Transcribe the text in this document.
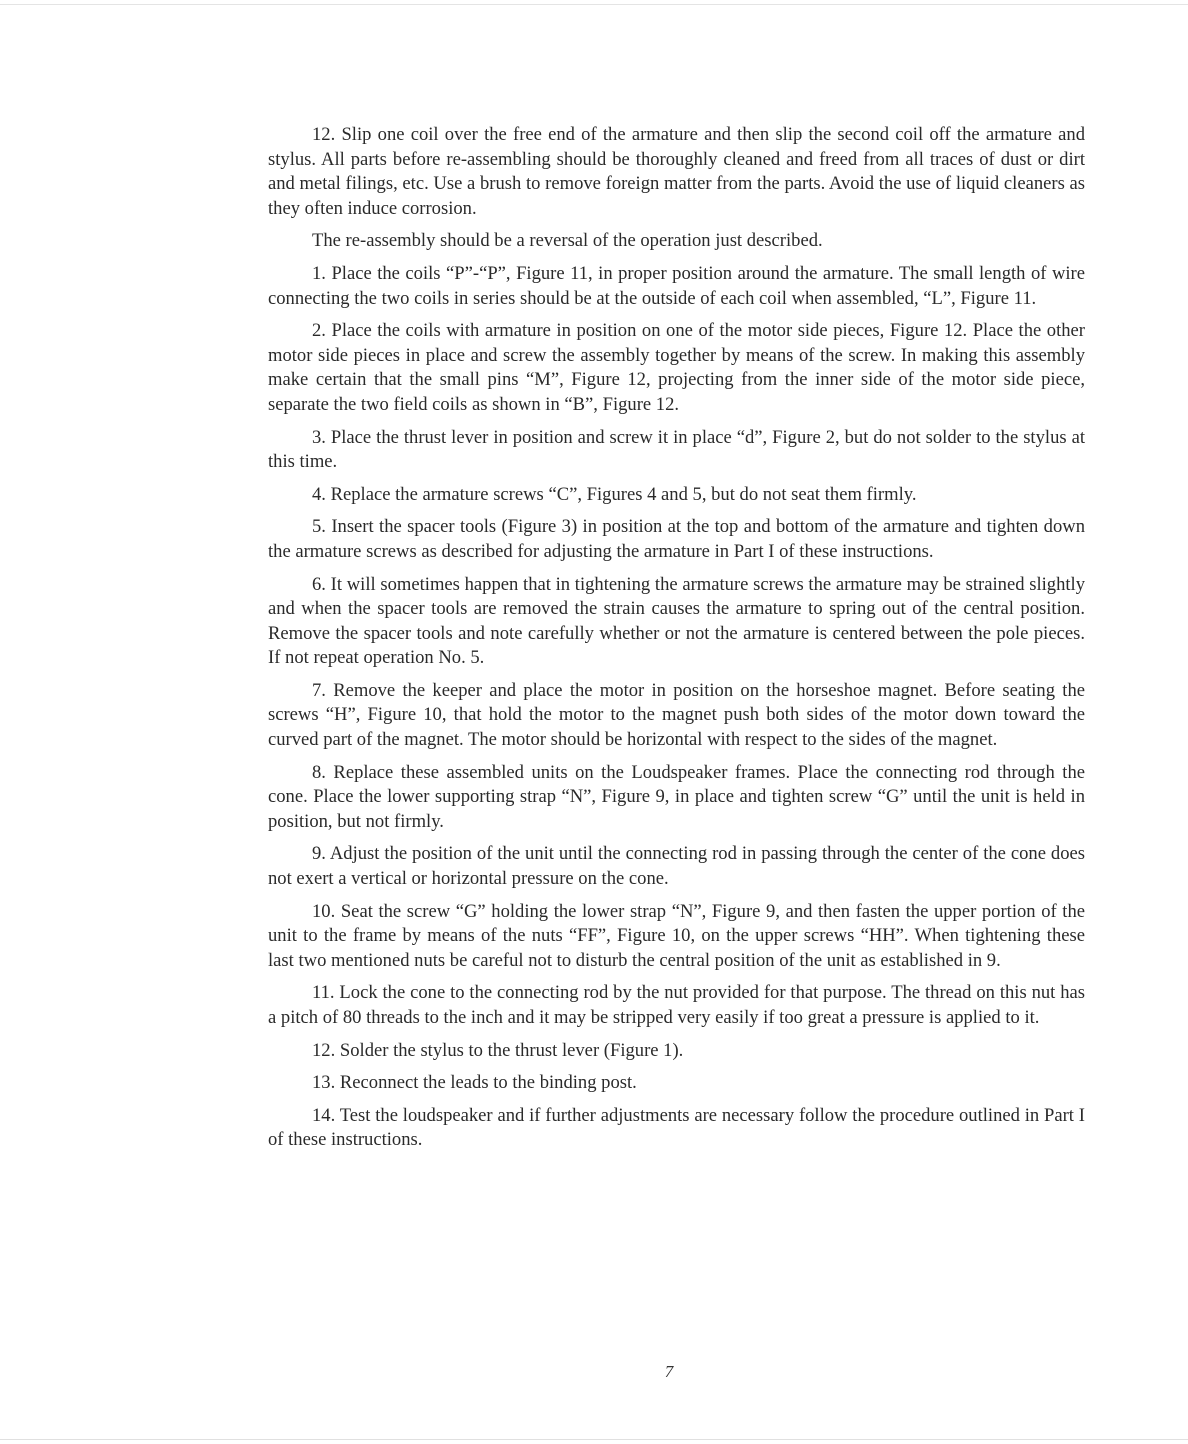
12. Slip one coil over the free end of the armature and then slip the second coil off the armature and stylus. All parts before re-assembling should be thoroughly cleaned and freed from all traces of dust or dirt and metal filings, etc. Use a brush to remove foreign matter from the parts. Avoid the use of liquid cleaners as they often induce corrosion.

The re-assembly should be a reversal of the operation just described.

1. Place the coils “P”-“P”, Figure 11, in proper position around the armature. The small length of wire connecting the two coils in series should be at the outside of each coil when assembled, “L”, Figure 11.

2. Place the coils with armature in position on one of the motor side pieces, Figure 12. Place the other motor side pieces in place and screw the assembly together by means of the screw. In making this assembly make certain that the small pins “M”, Figure 12, projecting from the inner side of the motor side piece, separate the two field coils as shown in “B”, Figure 12.

3. Place the thrust lever in position and screw it in place “d”, Figure 2, but do not solder to the stylus at this time.

4. Replace the armature screws “C”, Figures 4 and 5, but do not seat them firmly.

5. Insert the spacer tools (Figure 3) in position at the top and bottom of the armature and tighten down the armature screws as described for adjusting the armature in Part I of these instructions.

6. It will sometimes happen that in tightening the armature screws the armature may be strained slightly and when the spacer tools are removed the strain causes the armature to spring out of the central position. Remove the spacer tools and note carefully whether or not the armature is centered between the pole pieces. If not repeat operation No. 5.

7. Remove the keeper and place the motor in position on the horseshoe magnet. Before seating the screws “H”, Figure 10, that hold the motor to the magnet push both sides of the motor down toward the curved part of the magnet. The motor should be horizontal with respect to the sides of the magnet.

8. Replace these assembled units on the Loudspeaker frames. Place the connecting rod through the cone. Place the lower supporting strap “N”, Figure 9, in place and tighten screw “G” until the unit is held in position, but not firmly.

9. Adjust the position of the unit until the connecting rod in passing through the center of the cone does not exert a vertical or horizontal pressure on the cone.

10. Seat the screw “G” holding the lower strap “N”, Figure 9, and then fasten the upper portion of the unit to the frame by means of the nuts “FF”, Figure 10, on the upper screws “HH”. When tightening these last two mentioned nuts be careful not to disturb the central position of the unit as established in 9.

11. Lock the cone to the connecting rod by the nut provided for that purpose. The thread on this nut has a pitch of 80 threads to the inch and it may be stripped very easily if too great a pressure is applied to it.

12. Solder the stylus to the thrust lever (Figure 1).

13. Reconnect the leads to the binding post.

14. Test the loudspeaker and if further adjustments are necessary follow the procedure outlined in Part I of these instructions.

7
